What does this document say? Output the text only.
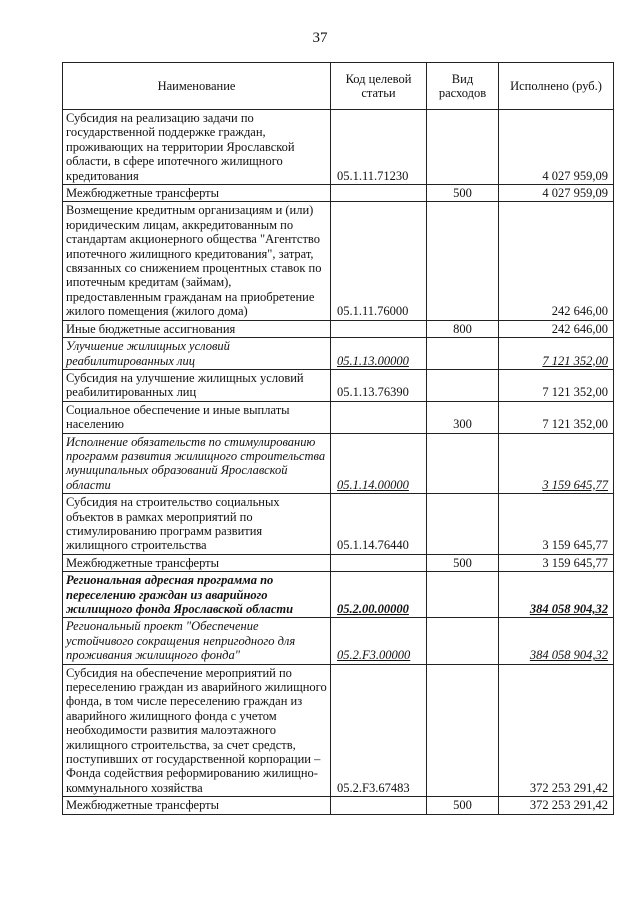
37
Наименование	Код целевой статьи	Вид расходов	Исполнено (руб.)
Субсидия на реализацию задачи по государственной поддержке граждан, проживающих на территории Ярославской области, в сфере ипотечного жилищного кредитования	05.1.11.71230		4 027 959,09
Межбюджетные трансферты		500	4 027 959,09
Возмещение кредитным организациям и (или) юридическим лицам, аккредитованным по стандартам акционерного общества "Агентство ипотечного жилищного кредитования", затрат, связанных со снижением процентных ставок по ипотечным кредитам (займам), предоставленным гражданам на приобретение жилого помещения (жилого дома)	05.1.11.76000		242 646,00
Иные бюджетные ассигнования		800	242 646,00
Улучшение жилищных условий реабилитированных лиц	05.1.13.00000		7 121 352,00
Субсидия на улучшение жилищных условий реабилитированных лиц	05.1.13.76390		7 121 352,00
Социальное обеспечение и иные выплаты населению		300	7 121 352,00
Исполнение обязательств по стимулированию программ развития жилищного строительства муниципальных образований Ярославской области	05.1.14.00000		3 159 645,77
Субсидия на строительство социальных объектов в рамках мероприятий по стимулированию программ развития жилищного строительства	05.1.14.76440		3 159 645,77
Межбюджетные трансферты		500	3 159 645,77
Региональная адресная программа по переселению граждан из аварийного жилищного фонда Ярославской области	05.2.00.00000		384 058 904,32
Региональный проект "Обеспечение устойчивого сокращения непригодного для проживания жилищного фонда"	05.2.F3.00000		384 058 904,32
Субсидия на обеспечение мероприятий по переселению граждан из аварийного жилищного фонда, в том числе переселению граждан из аварийного жилищного фонда с учетом необходимости развития малоэтажного жилищного строительства, за счет средств, поступивших от государственной корпорации – Фонда содействия реформированию жилищно-коммунального хозяйства	05.2.F3.67483		372 253 291,42
Межбюджетные трансферты		500	372 253 291,42
